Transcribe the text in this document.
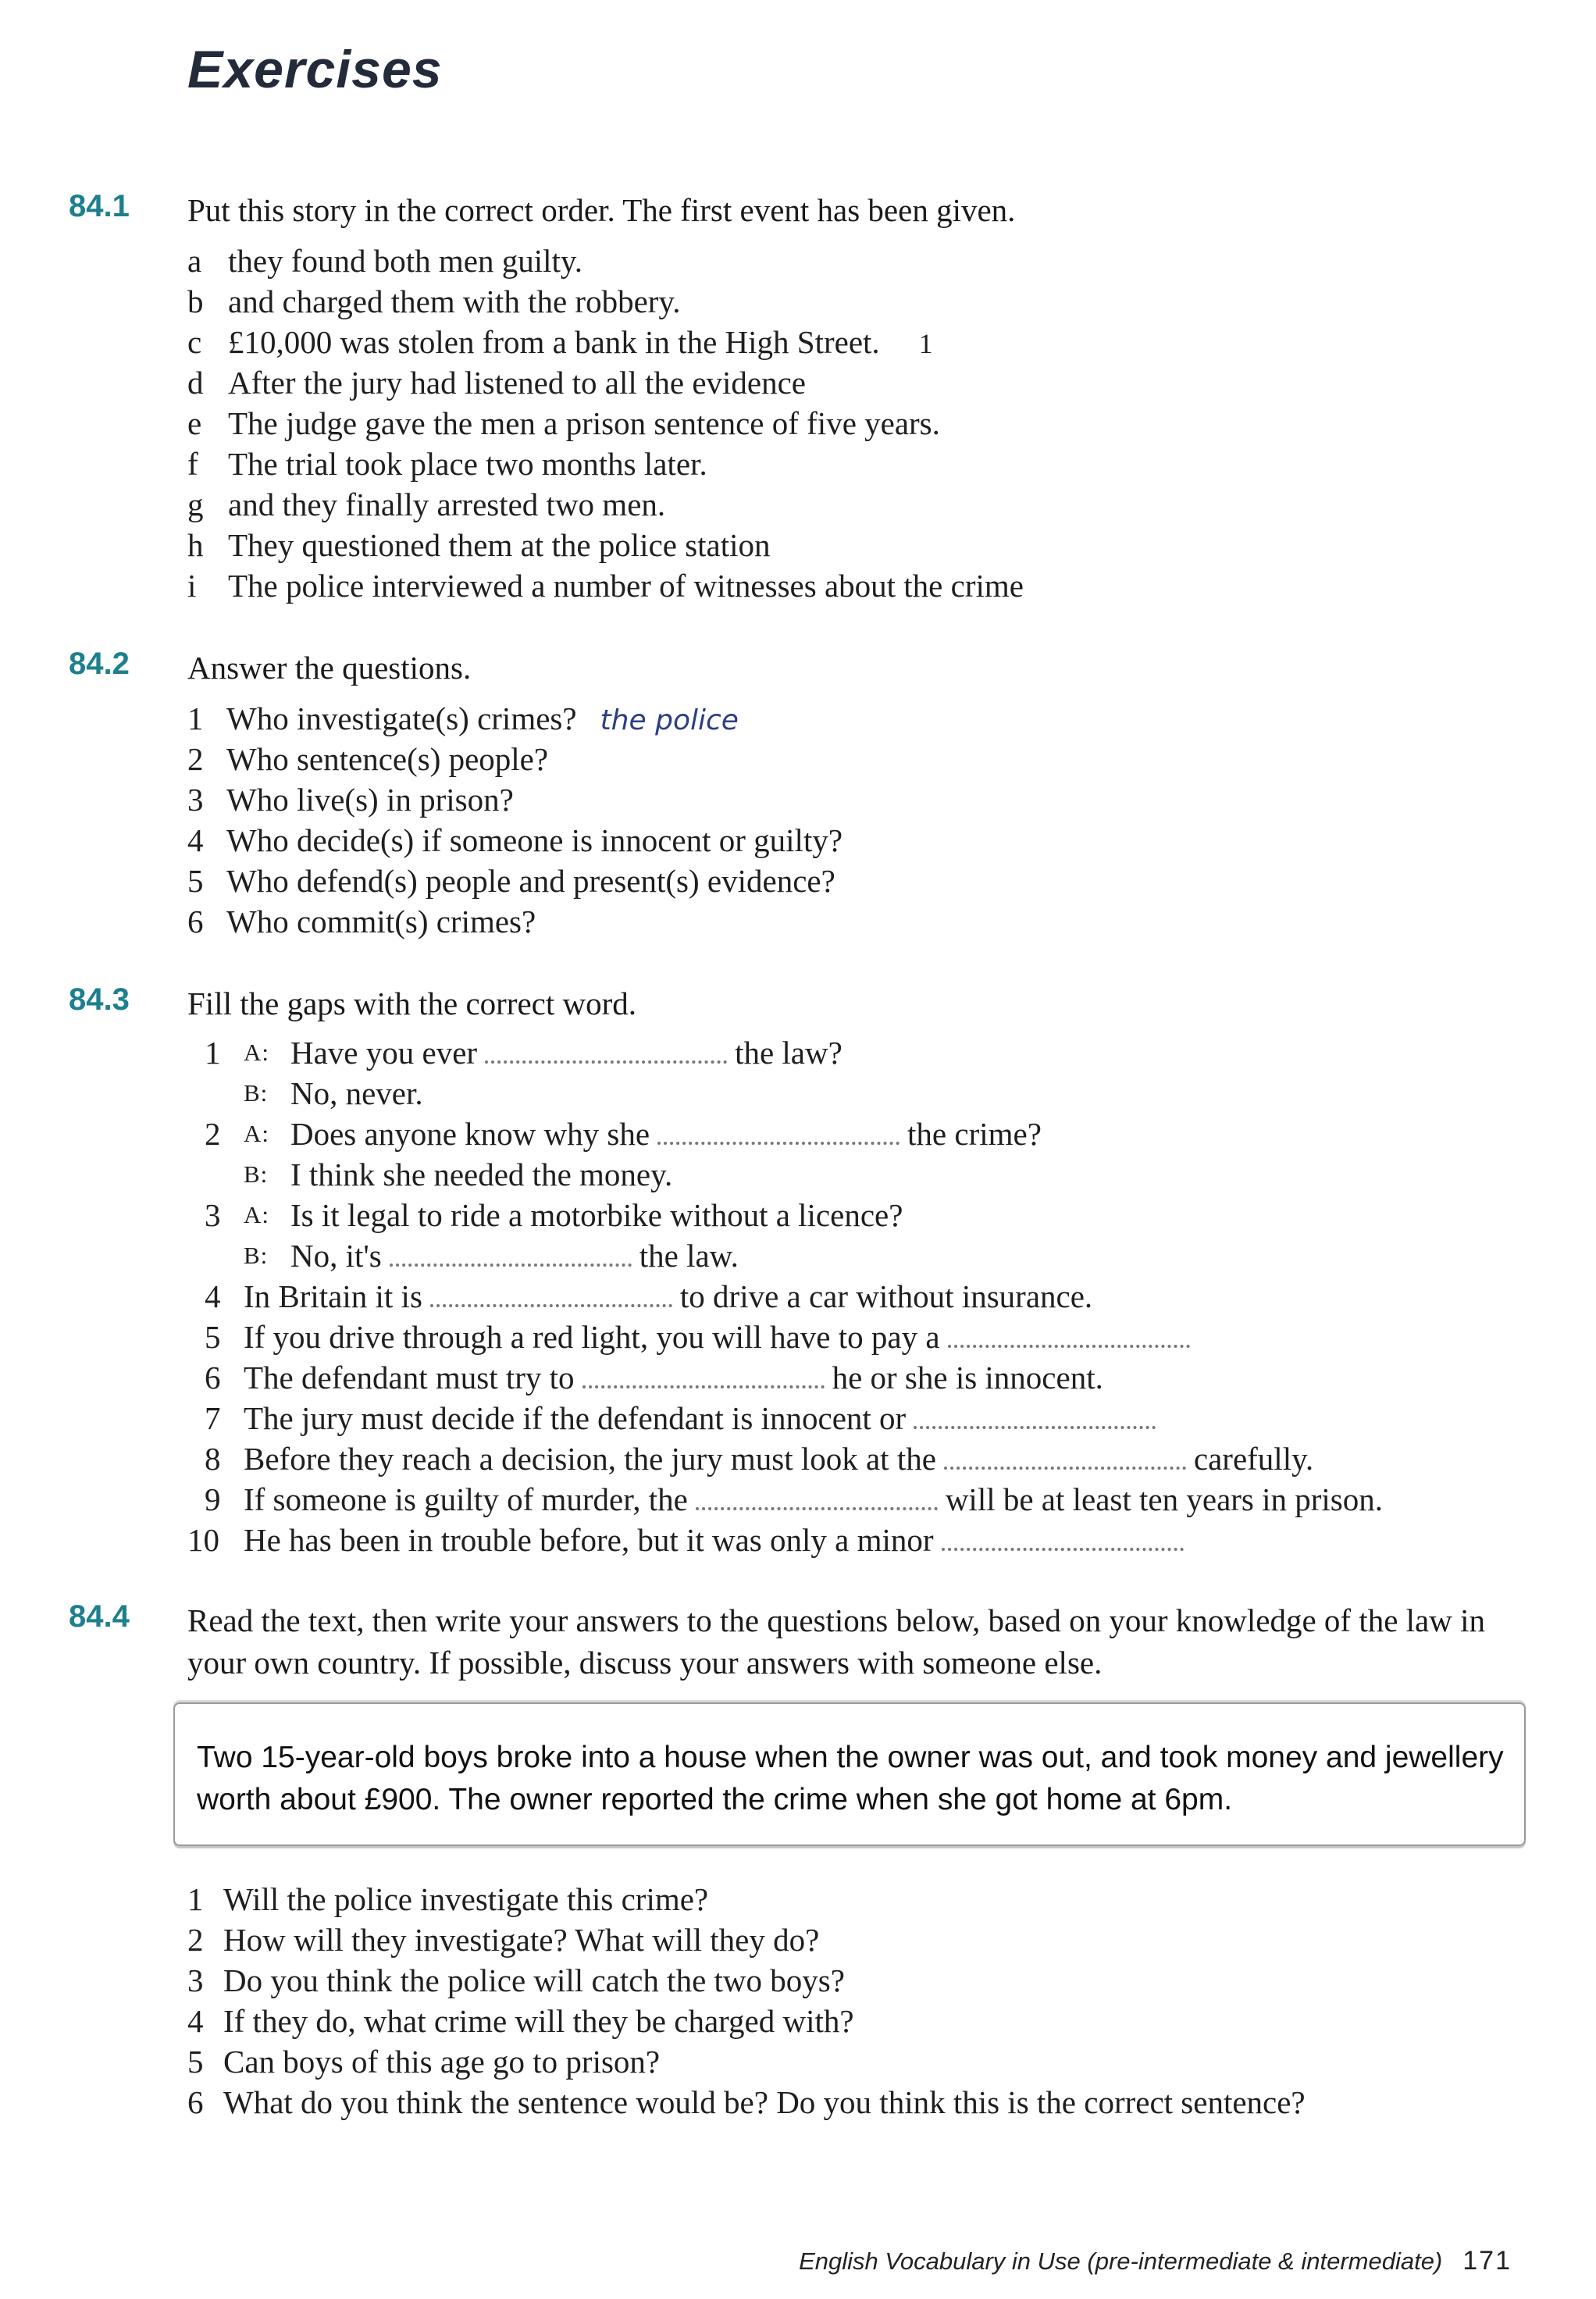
Exercises
84.1 Put this story in the correct order. The first event has been given.
a they found both men guilty.
b and charged them with the robbery.
c £10,000 was stolen from a bank in the High Street. 1
d After the jury had listened to all the evidence
e The judge gave the men a prison sentence of five years.
f The trial took place two months later.
g and they finally arrested two men.
h They questioned them at the police station
i The police interviewed a number of witnesses about the crime
84.2 Answer the questions.
1 Who investigate(s) crimes? the police
2 Who sentence(s) people?
3 Who live(s) in prison?
4 Who decide(s) if someone is innocent or guilty?
5 Who defend(s) people and present(s) evidence?
6 Who commit(s) crimes?
84.3 Fill the gaps with the correct word.
1 A: Have you ever	the law?
B: No, never.
2 A: Does anyone know why she	the crime?
B: I think she needed the money.
3 A: Is it legal to ride a motorbike without a licence?
B: No, it's	the law.
4 In Britain it is	to drive a car without insurance.
5 If you drive through a red light, you will have to pay a
6 The defendant must try to	he or she is innocent.
7 The jury must decide if the defendant is innocent or
8 Before they reach a decision, the jury must look at the	carefully.
9 If someone is guilty of murder, the	will be at least ten years in prison.
10 He has been in trouble before, but it was only a minor
84.4 Read the text, then write your answers to the questions below, based on your knowledge of the law in your own country. If possible, discuss your answers with someone else.
Two 15-year-old boys broke into a house when the owner was out, and took money and jewellery worth about £900. The owner reported the crime when she got home at 6pm.
1 Will the police investigate this crime?
2 How will they investigate? What will they do?
3 Do you think the police will catch the two boys?
4 If they do, what crime will they be charged with?
5 Can boys of this age go to prison?
6 What do you think the sentence would be? Do you think this is the correct sentence?
English Vocabulary in Use (pre-intermediate & intermediate) 171
